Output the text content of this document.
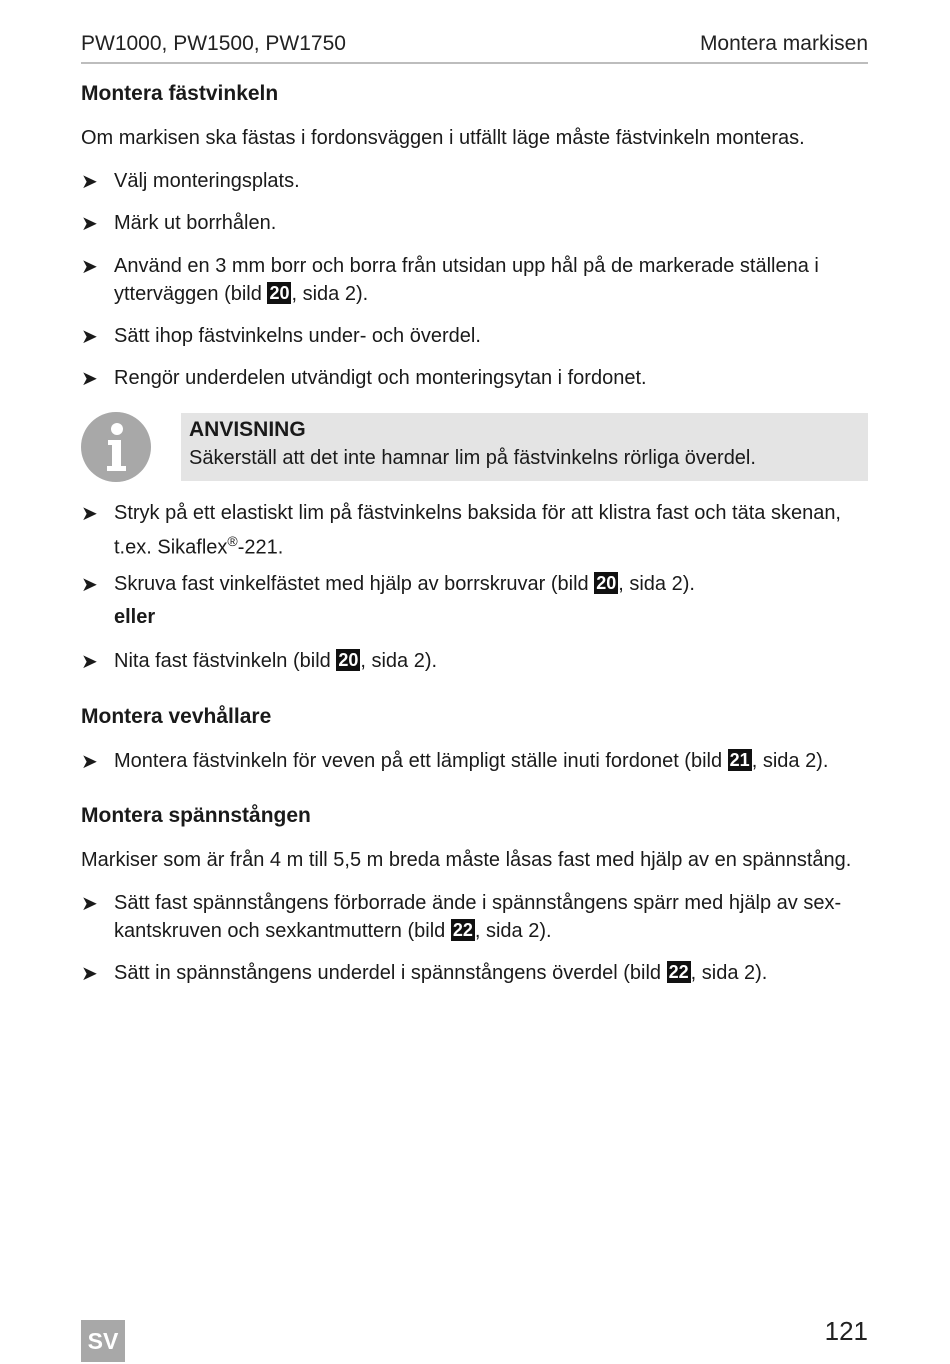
PW1000, PW1500, PW1750	Montera markisen
Montera fästvinkeln
Om markisen ska fästas i fordonsväggen i utfällt läge måste fästvinkeln monteras.
➤ Välj monteringsplats.
➤ Märk ut borrhålen.
➤ Använd en 3 mm borr och borra från utsidan upp hål på de markerade ställena i
ytterväggen (bild 20 , sida 2).
➤ Sätt ihop fästvinkelns under- och överdel.
➤ Rengör underdelen utvändigt och monteringsytan i fordonet.
ANVISNING
Säkerställ att det inte hamnar lim på fästvinkelns rörliga överdel.
➤ Stryk på ett elastiskt lim på fästvinkelns baksida för att klistra fast och täta skenan,
t.ex. Sikaflex®-221.
➤ Skruva fast vinkelfästet med hjälp av borrskruvar (bild 20 , sida 2).
eller
➤ Nita fast fästvinkeln (bild 20 , sida 2).
Montera vevhållare
➤ Montera fästvinkeln för veven på ett lämpligt ställe inuti fordonet (bild 21 , sida 2).
Montera spännstången
Markiser som är från 4 m till 5,5 m breda måste låsas fast med hjälp av en spännstång.
➤ Sätt fast spännstångens förborrade ände i spännstångens spärr med hjälp av sex-
kantskruven och sexkantmuttern (bild 22 , sida 2).
➤ Sätt in spännstångens underdel i spännstångens överdel (bild 22 , sida 2).
SV	121
